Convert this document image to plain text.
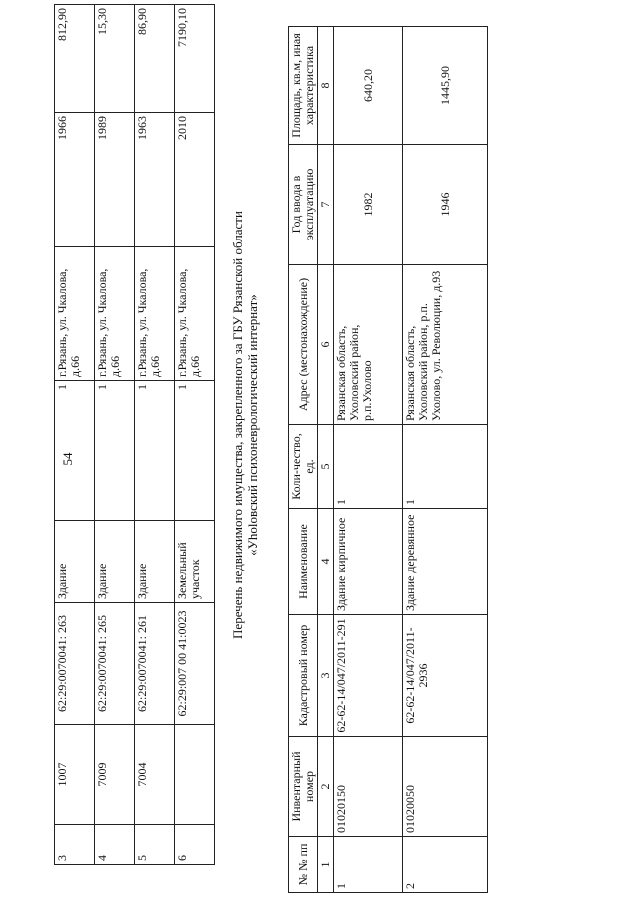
54
3	1007	62:29:0070041: 263	Здание	1	г.Рязань, ул. Чкалова, д.66	1966	812,90
4	7009	62:29:0070041: 265	Здание	1	г.Рязань, ул. Чкалова, д.66	1989	15,30
5	7004	62:29:0070041: 261	Здание	1	г.Рязань, ул. Чкалова, д.66	1963	86,90
6		62:29:007 00 41:0023	Земельный участок	1	г.Рязань, ул. Чкалова, д.66	2010	7190,10
Перечень недвижимого имущества, закрепленного за ГБУ Рязанской области «Уholовский психоневрологический интернат»
№ № пп	Инвентарный номер	Кадастровый номер	Наименование	Коли-чество, ед.	Адрес (местонахождение)	Год ввода в эксплуатацию	Площадь, кв.м, иная характеристика
1	2	3	4	5	6	7	8
1	01020150	62-62-14/047/2011-291	Здание кирпичное	1	Рязанская область, Ухоловский район, р.п.Ухолово	1982	640,20
2	01020050	62-62-14/047/2011-2936	Здание деревянное	1	Рязанская область, Ухоловский район, р.п. Ухолово, ул. Революции, д.93	1946	1445,90
